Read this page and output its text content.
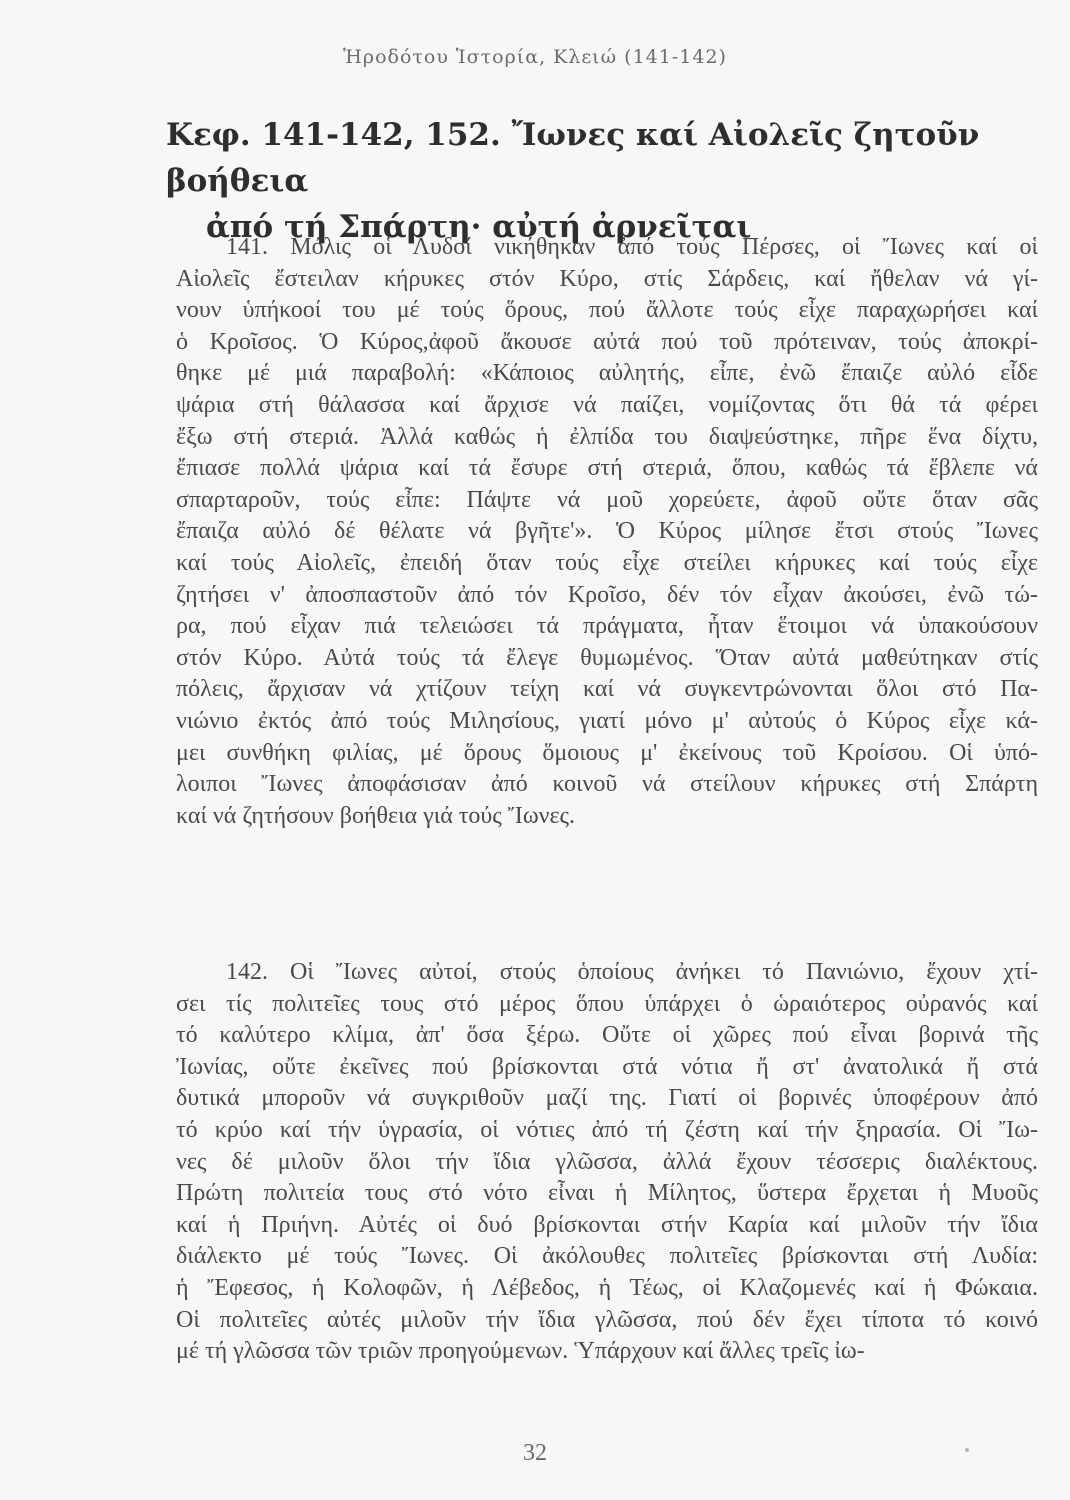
Ἡροδότου Ἱστορία, Κλειώ (141-142)
Κεφ. 141-142, 152. Ἴωνες καί Αἰολεῖς ζητοῦν βοήθεια
ἀπό τή Σπάρτη· αὐτή ἀρνεῖται
141. Μόλις οἱ Λυδοί νικήθηκαν ἀπό τούς Πέρσες, οἱ Ἴωνες καί οἱ
Αἰολεῖς ἔστειλαν κήρυκες στόν Κύρο, στίς Σάρδεις, καί ἤθελαν νά γί-
νουν ὑπήκοοί του μέ τούς ὅρους, πού ἄλλοτε τούς εἶχε παραχωρήσει καί
ὁ Κροῖσος. Ὁ Κύρος,ἀφοῦ ἄκουσε αὐτά πού τοῦ πρότειναν, τούς ἀποκρί-
θηκε μέ μιά παραβολή: «Κάποιος αὐλητής, εἶπε, ἐνῶ ἔπαιζε αὐλό εἶδε
ψάρια στή θάλασσα καί ἄρχισε νά παίζει, νομίζοντας ὅτι θά τά φέρει
ἔξω στή στεριά. Ἀλλά καθώς ἡ ἐλπίδα του διαψεύστηκε, πῆρε ἕνα δίχτυ,
ἔπιασε πολλά ψάρια καί τά ἔσυρε στή στεριά, ὅπου, καθώς τά ἔβλεπε νά
σπαρταροῦν, τούς εἶπε: Πάψτε νά μοῦ χορεύετε, ἀφοῦ οὔτε ὅταν σᾶς
ἔπαιζα αὐλό δέ θέλατε νά βγῆτε'». Ὁ Κύρος μίλησε ἔτσι στούς Ἴωνες
καί τούς Αἰολεῖς, ἐπειδή ὅταν τούς εἶχε στείλει κήρυκες καί τούς εἶχε
ζητήσει ν' ἀποσπαστοῦν ἀπό τόν Κροῖσο, δέν τόν εἶχαν ἀκούσει, ἐνῶ τώ-
ρα, πού εἶχαν πιά τελειώσει τά πράγματα, ἦταν ἕτοιμοι νά ὑπακούσουν
στόν Κύρο. Αὐτά τούς τά ἔλεγε θυμωμένος. Ὅταν αὐτά μαθεύτηκαν στίς
πόλεις, ἄρχισαν νά χτίζουν τείχη καί νά συγκεντρώνονται ὅλοι στό Πα-
νιώνιο ἐκτός ἀπό τούς Μιλησίους, γιατί μόνο μ' αὐτούς ὁ Κύρος εἶχε κά-
μει συνθήκη φιλίας, μέ ὅρους ὅμοιους μ' ἐκείνους τοῦ Κροίσου. Οἱ ὑπό-
λοιποι Ἴωνες ἀποφάσισαν ἀπό κοινοῦ νά στείλουν κήρυκες στή Σπάρτη
καί νά ζητήσουν βοήθεια γιά τούς Ἴωνες.
142. Οἱ Ἴωνες αὐτοί, στούς ὁποίους ἀνήκει τό Πανιώνιο, ἔχουν χτί-
σει τίς πολιτεῖες τους στό μέρος ὅπου ὑπάρχει ὁ ὡραιότερος οὐρανός καί
τό καλύτερο κλίμα, ἀπ' ὅσα ξέρω. Οὔτε οἱ χῶρες πού εἶναι βορινά τῆς
Ἰωνίας, οὔτε ἐκεῖνες πού βρίσκονται στά νότια ἤ στ' ἀνατολικά ἤ στά
δυτικά μποροῦν νά συγκριθοῦν μαζί της. Γιατί οἱ βορινές ὑποφέρουν ἀπό
τό κρύο καί τήν ὑγρασία, οἱ νότιες ἀπό τή ζέστη καί τήν ξηρασία. Οἱ Ἴω-
νες δέ μιλοῦν ὅλοι τήν ἴδια γλῶσσα, ἀλλά ἔχουν τέσσερις διαλέκτους.
Πρώτη πολιτεία τους στό νότο εἶναι ἡ Μίλητος, ὕστερα ἔρχεται ἡ Μυοῦς
καί ἡ Πριήνη. Αὐτές οἱ δυό βρίσκονται στήν Καρία καί μιλοῦν τήν ἴδια
διάλεκτο μέ τούς Ἴωνες. Οἱ ἀκόλουθες πολιτεῖες βρίσκονται στή Λυδία:
ἡ Ἔφεσος, ἡ Κολοφῶν, ἡ Λέβεδος, ἡ Τέως, οἱ Κλαζομενές καί ἡ Φώκαια.
Οἱ πολιτεῖες αὐτές μιλοῦν τήν ἴδια γλῶσσα, πού δέν ἔχει τίποτα τό κοινό
μέ τή γλῶσσα τῶν τριῶν προηγούμενων. Ὑπάρχουν καί ἄλλες τρεῖς ἰω-
32
